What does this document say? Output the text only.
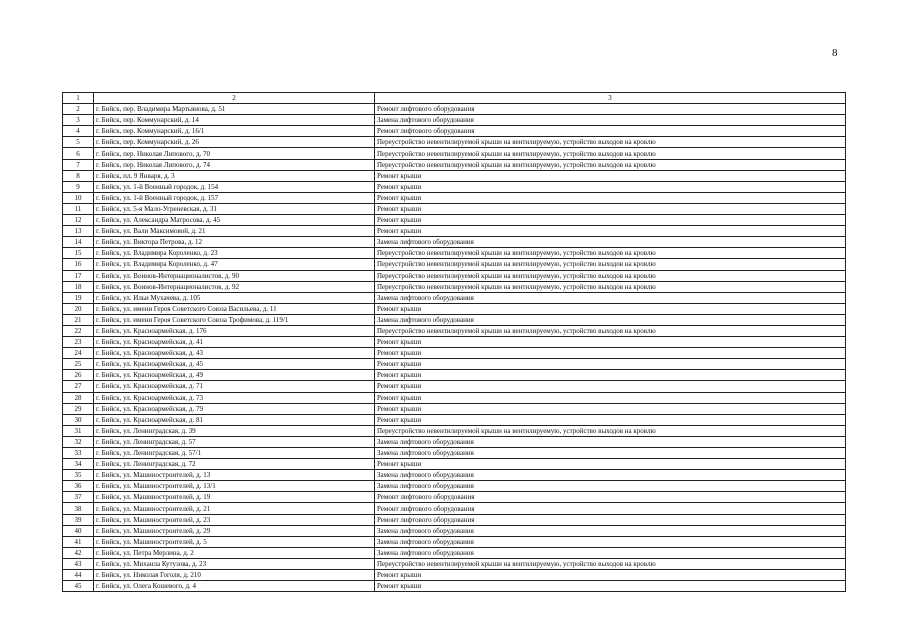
8
1	2	3
2	г. Бийск, пер. Владимира Мартьянова, д. 51	Ремонт лифтового оборудования
3	г. Бийск, пер. Коммунарский, д. 14	Замена лифтового оборудования
4	г. Бийск, пер. Коммунарский, д. 16/1	Ремонт лифтового оборудования
5	г. Бийск, пер. Коммунарский, д. 26	Переустройство невентилируемой крыши на вентилируемую, устройство выходов на кровлю
6	г. Бийск, пер. Николая Липового, д. 70	Переустройство невентилируемой крыши на вентилируемую, устройство выходов на кровлю
7	г. Бийск, пер. Николая Липового, д. 74	Переустройство невентилируемой крыши на вентилируемую, устройство выходов на кровлю
8	г. Бийск, пл. 9 Января, д. 3	Ремонт крыши
9	г. Бийск, ул. 1-й Военный городок, д. 154	Ремонт крыши
10	г. Бийск, ул. 1-й Военный городок, д. 157	Ремонт крыши
11	г. Бийск, ул. 5-я Мало-Угреневская, д. 31	Ремонт крыши
12	г. Бийск, ул. Александра Матросова, д. 45	Ремонт крыши
13	г. Бийск, ул. Вали Максимовой, д. 21	Ремонт крыши
14	г. Бийск, ул. Виктора Петрова, д. 12	Замена лифтового оборудования
15	г. Бийск, ул. Владимира Короленко, д. 23	Переустройство невентилируемой крыши на вентилируемую, устройство выходов на кровлю
16	г. Бийск, ул. Владимира Короленко, д. 47	Переустройство невентилируемой крыши на вентилируемую, устройство выходов на кровлю
17	г. Бийск, ул. Воинов-Интернационалистов, д. 90	Переустройство невентилируемой крыши на вентилируемую, устройство выходов на кровлю
18	г. Бийск, ул. Воинов-Интернационалистов, д. 92	Переустройство невентилируемой крыши на вентилируемую, устройство выходов на кровлю
19	г. Бийск, ул. Ильи Мухачева, д. 105	Замена лифтового оборудования
20	г. Бийск, ул. имени Героя Советского Союза Васильева, д. 11	Ремонт крыши
21	г. Бийск, ул. имени Героя Советского Союза Трофимова, д. 119/1	Замена лифтового оборудования
22	г. Бийск, ул. Красноармейская, д. 176	Переустройство невентилируемой крыши на вентилируемую, устройство выходов на кровлю
23	г. Бийск, ул. Красноармейская, д. 41	Ремонт крыши
24	г. Бийск, ул. Красноармейская, д. 43	Ремонт крыши
25	г. Бийск, ул. Красноармейская, д. 45	Ремонт крыши
26	г. Бийск, ул. Красноармейская, д. 49	Ремонт крыши
27	г. Бийск, ул. Красноармейская, д. 71	Ремонт крыши
28	г. Бийск, ул. Красноармейская, д. 73	Ремонт крыши
29	г. Бийск, ул. Красноармейская, д. 79	Ремонт крыши
30	г. Бийск, ул. Красноармейская, д. 81	Ремонт крыши
31	г. Бийск, ул. Ленинградская, д. 39	Переустройство невентилируемой крыши на вентилируемую, устройство выходов на кровлю
32	г. Бийск, ул. Ленинградская, д. 57	Замена лифтового оборудования
33	г. Бийск, ул. Ленинградская, д. 57/1	Замена лифтового оборудования
34	г. Бийск, ул. Ленинградская, д. 72	Ремонт крыши
35	г. Бийск, ул. Машиностроителей, д. 13	Замена лифтового оборудования
36	г. Бийск, ул. Машиностроителей, д. 13/1	Замена лифтового оборудования
37	г. Бийск, ул. Машиностроителей, д. 19	Ремонт лифтового оборудования
38	г. Бийск, ул. Машиностроителей, д. 21	Ремонт лифтового оборудования
39	г. Бийск, ул. Машиностроителей, д. 23	Ремонт лифтового оборудования
40	г. Бийск, ул. Машиностроителей, д. 29	Замена лифтового оборудования
41	г. Бийск, ул. Машиностроителей, д. 5	Замена лифтового оборудования
42	г. Бийск, ул. Петра Мерлина, д. 2	Замена лифтового оборудования
43	г. Бийск, ул. Михаила Кутузова, д. 23	Переустройство невентилируемой крыши на вентилируемую, устройство выходов на кровлю
44	г. Бийск, ул. Николая Гоголя, д. 210	Ремонт крыши
45	г. Бийск, ул. Олега Кошевого, д. 4	Ремонт крыши
